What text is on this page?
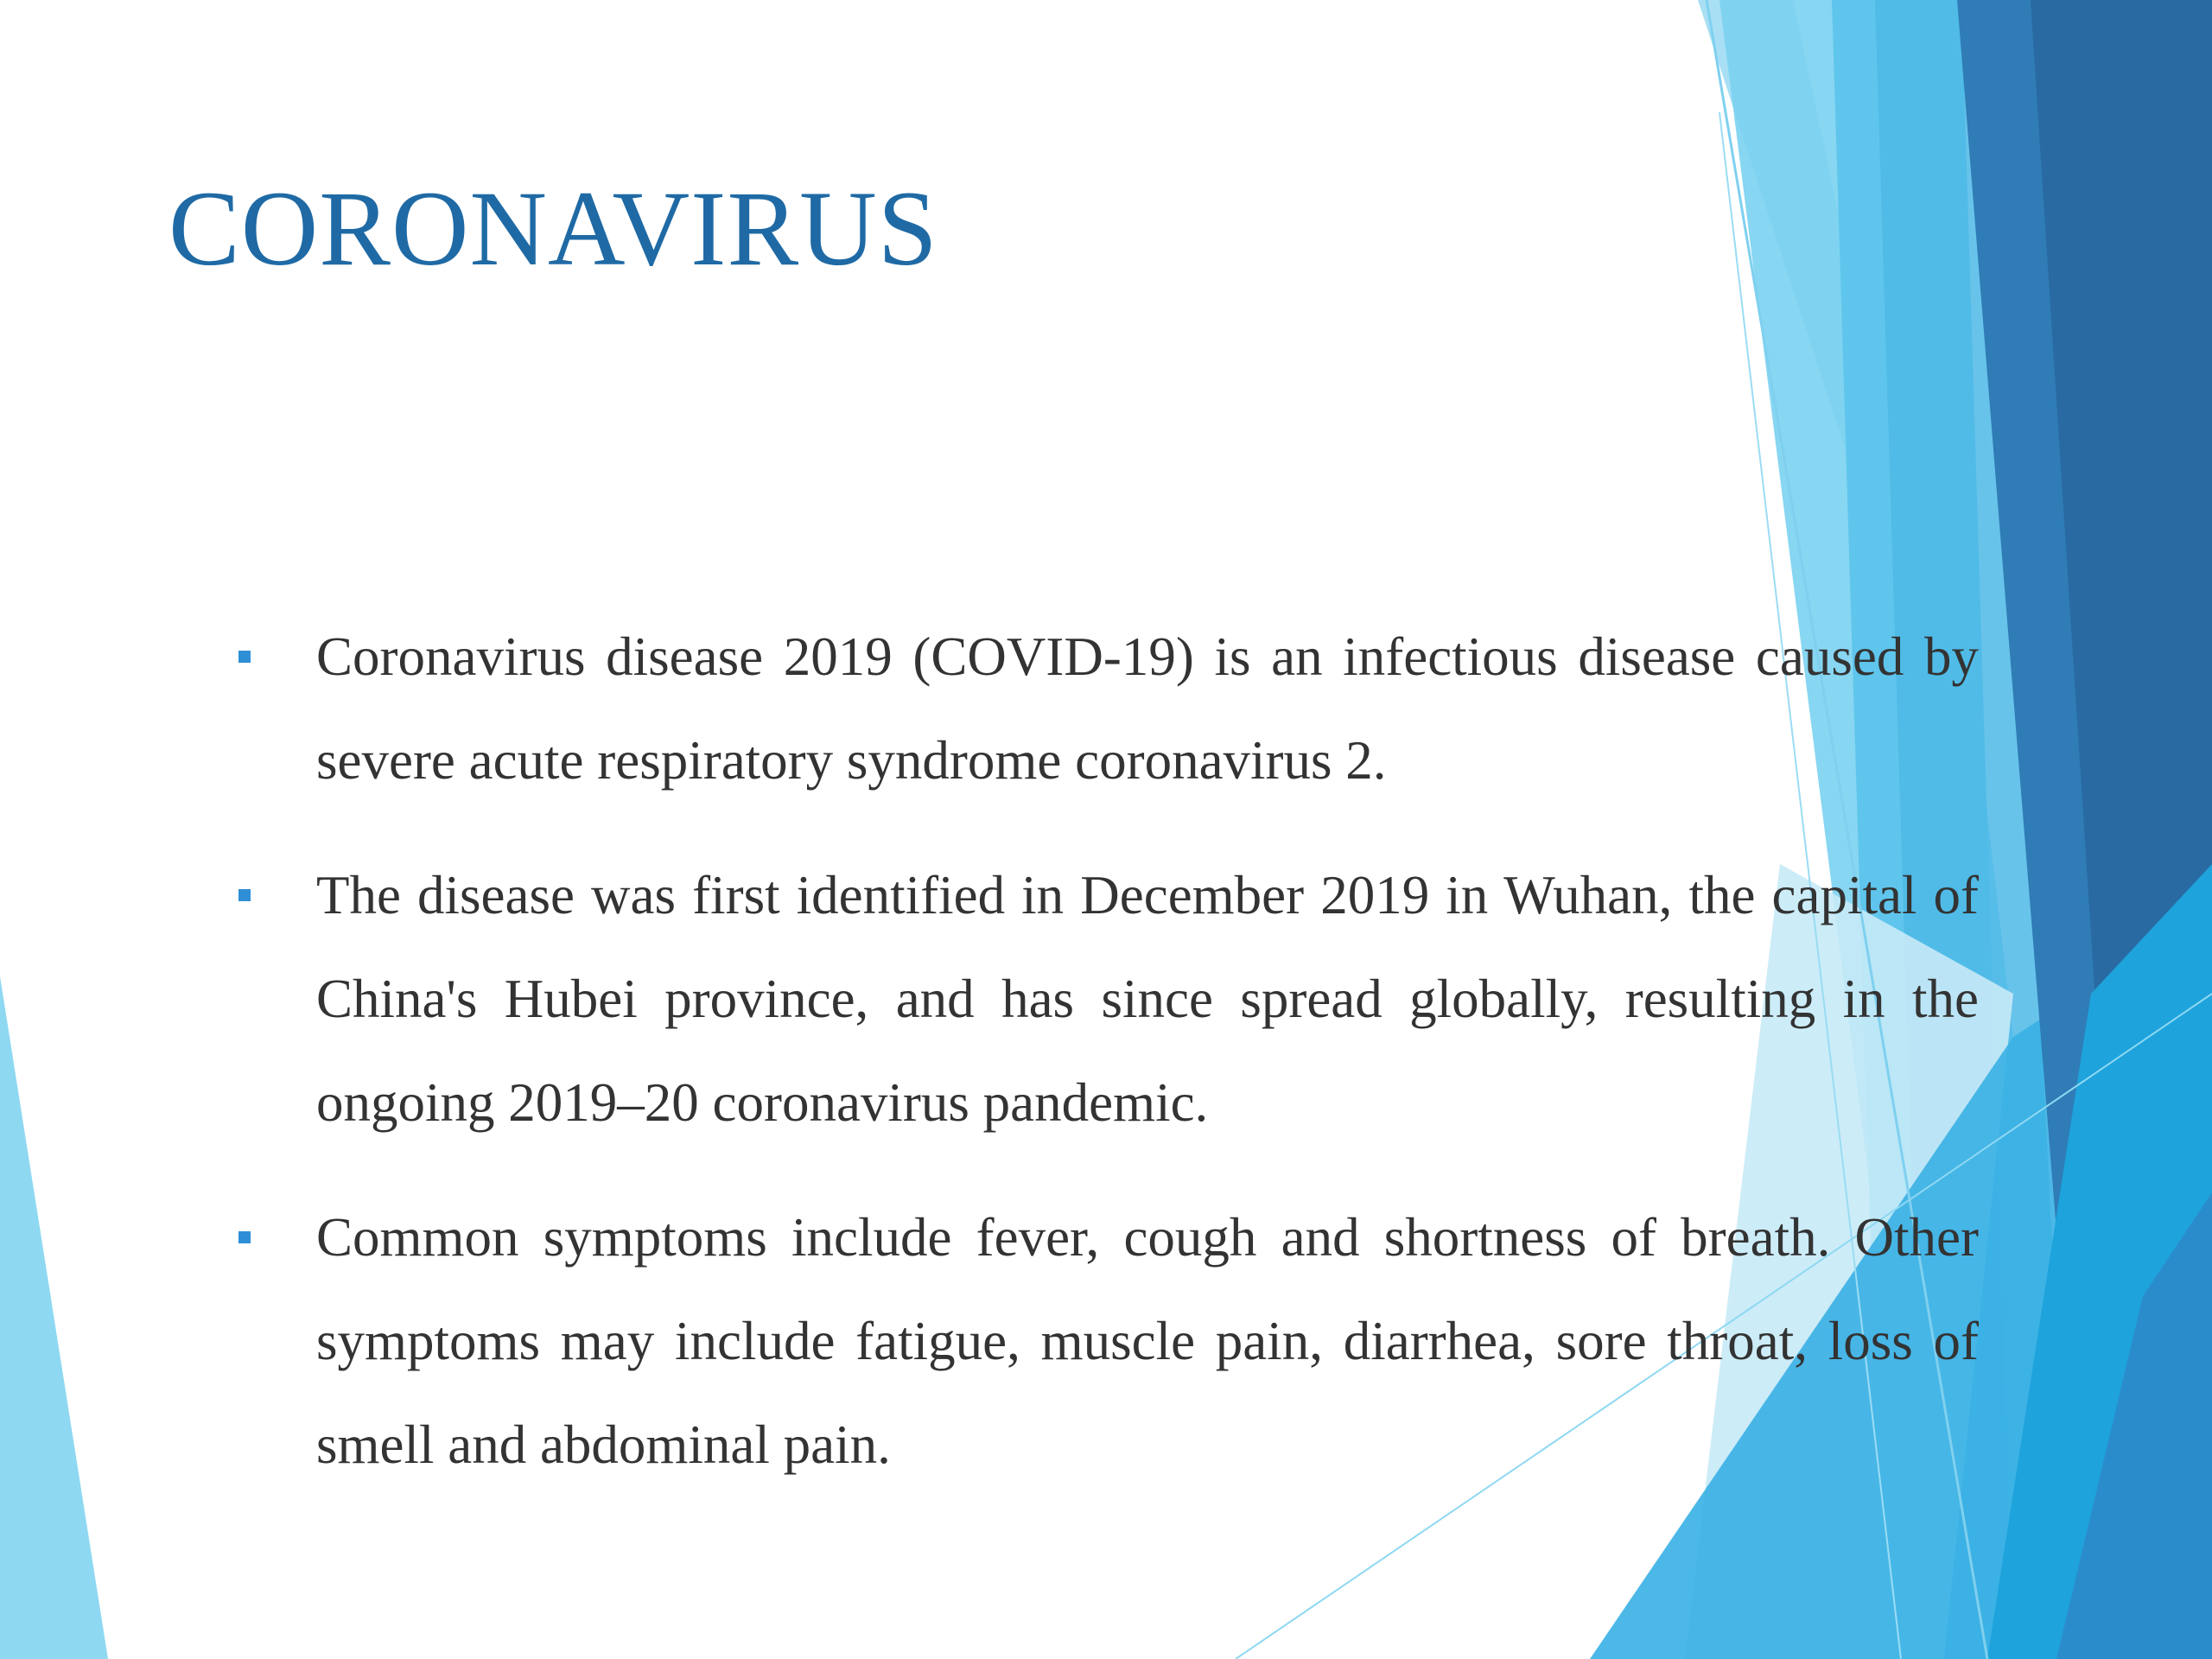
CORONAVIRUS
Coronavirus disease 2019 (COVID-19) is an infectious disease caused by severe acute respiratory syndrome coronavirus 2.
The disease was first identified in December 2019 in Wuhan, the capital of China's Hubei province, and has since spread globally, resulting in the ongoing 2019–20 coronavirus pandemic.
Common symptoms include fever, cough and shortness of breath. Other symptoms may include fatigue, muscle pain, diarrhea, sore throat, loss of smell and abdominal pain.
